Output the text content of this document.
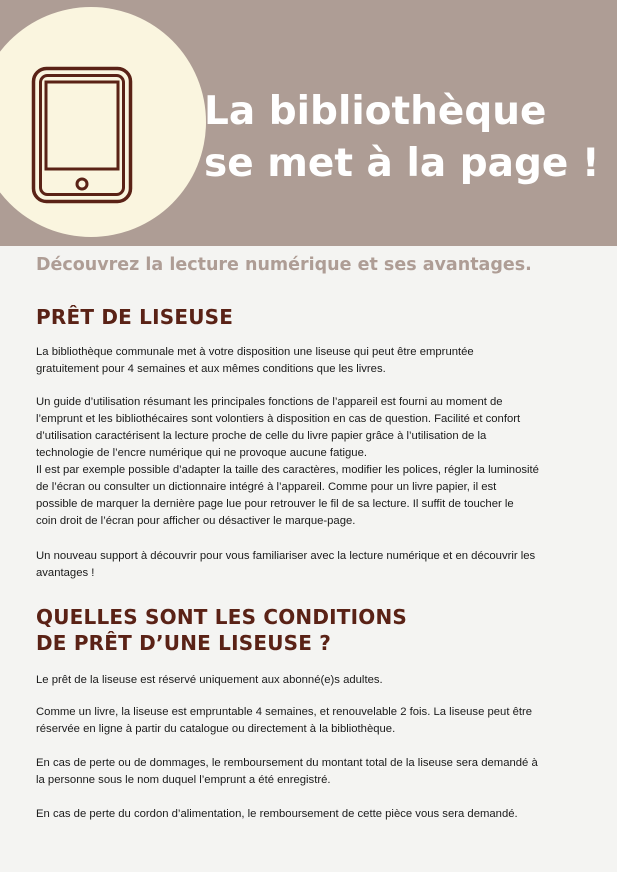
La bibliothèque
se met à la page !

Découvrez la lecture numérique et ses avantages.

PRÊT DE LISEUSE

La bibliothèque communale met à votre disposition une liseuse qui peut être empruntée
gratuitement pour 4 semaines et aux mêmes conditions que les livres.

Un guide d’utilisation résumant les principales fonctions de l’appareil est fourni au moment de
l’emprunt et les bibliothécaires sont volontiers à disposition en cas de question. Facilité et confort
d’utilisation caractérisent la lecture proche de celle du livre papier grâce à l’utilisation de la
technologie de l’encre numérique qui ne provoque aucune fatigue.
Il est par exemple possible d’adapter la taille des caractères, modifier les polices, régler la luminosité
de l’écran ou consulter un dictionnaire intégré à l’appareil. Comme pour un livre papier, il est
possible de marquer la dernière page lue pour retrouver le fil de sa lecture. Il suffit de toucher le
coin droit de l’écran pour afficher ou désactiver le marque-page.

Un nouveau support à découvrir pour vous familiariser avec la lecture numérique et en découvrir les
avantages !

QUELLES SONT LES CONDITIONS
DE PRÊT D’UNE LISEUSE ?

Le prêt de la liseuse est réservé uniquement aux abonné(e)s adultes.

Comme un livre, la liseuse est empruntable 4 semaines, et renouvelable 2 fois. La liseuse peut être
réservée en ligne à partir du catalogue ou directement à la bibliothèque.

En cas de perte ou de dommages, le remboursement du montant total de la liseuse sera demandé à
la personne sous le nom duquel l’emprunt a été enregistré.

En cas de perte du cordon d’alimentation, le remboursement de cette pièce vous sera demandé.
